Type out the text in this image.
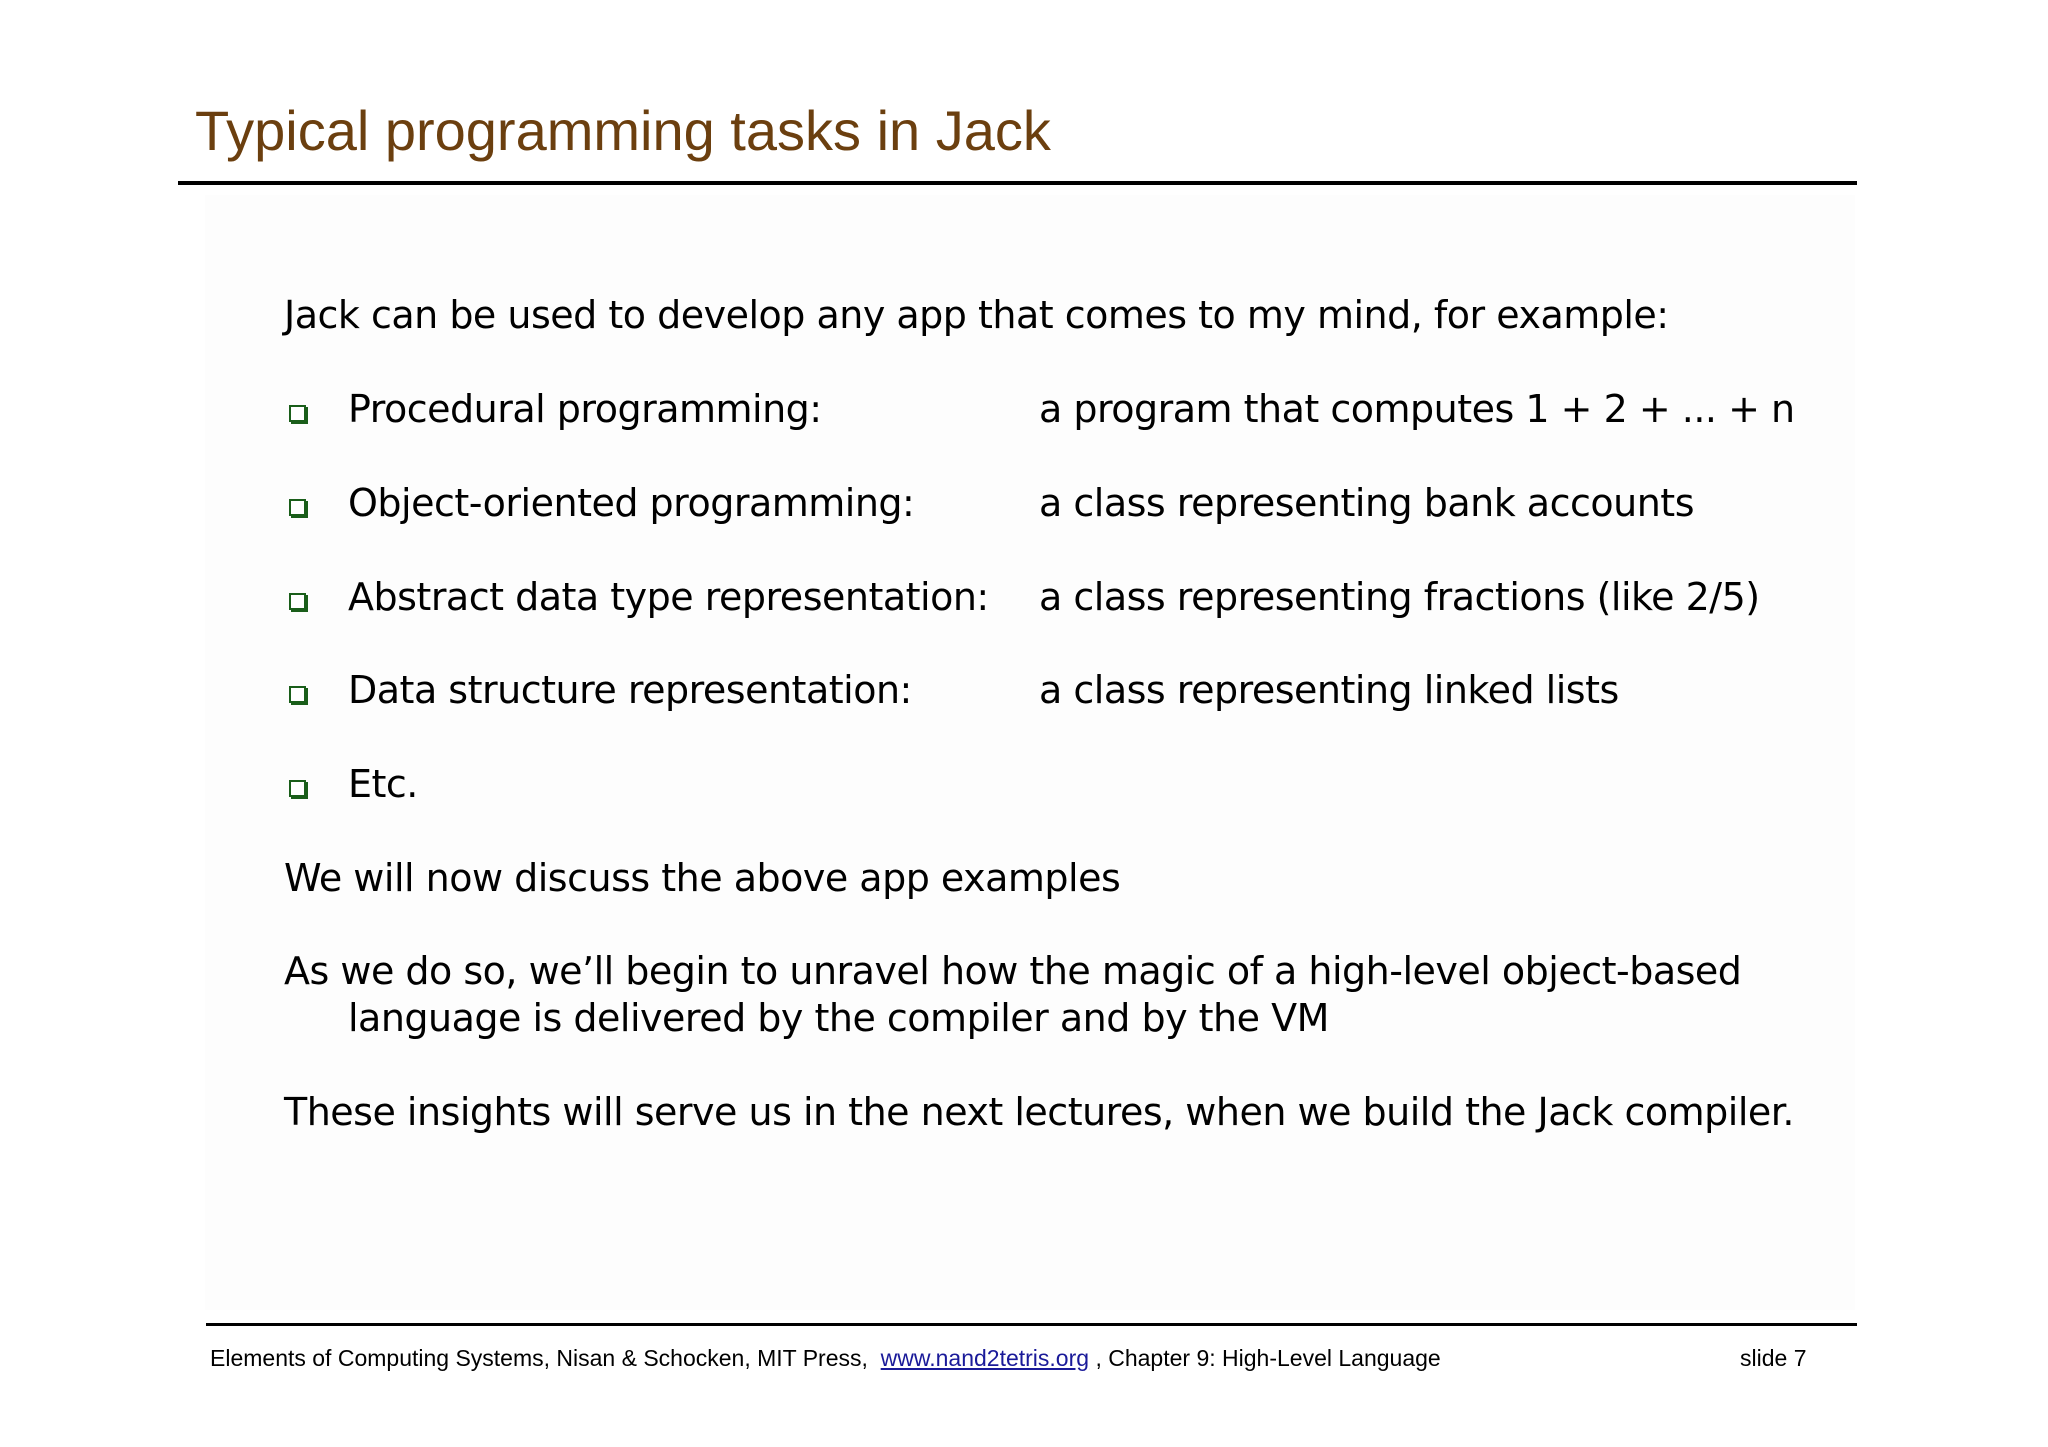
Typical programming tasks in Jack
Jack can be used to develop any app that comes to my mind, for example:
Procedural programming:	a program that computes 1 + 2 + ... + n
Object-oriented programming:	a class representing bank accounts
Abstract data type representation: a class representing fractions (like 2/5)
Data structure representation:	a class representing linked lists
Etc.
We will now discuss the above app examples
As we do so, we’ll begin to unravel how the magic of a high-level object-based
language is delivered by the compiler and by the VM
These insights will serve us in the next lectures, when we build the Jack compiler.
Elements of Computing Systems, Nisan & Schocken, MIT Press, www.nand2tetris.org , Chapter 9: High-Level Language	slide 7
